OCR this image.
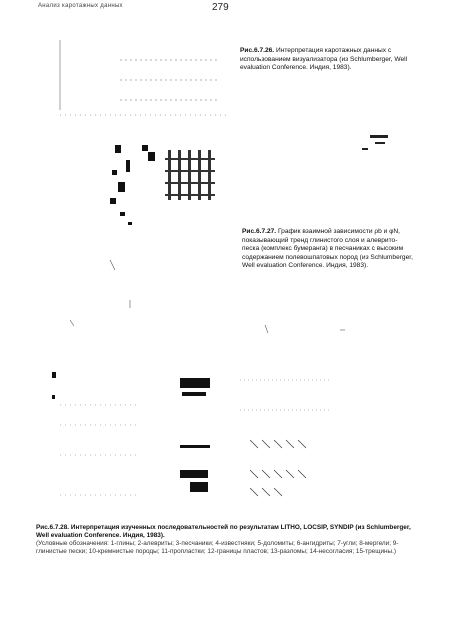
Анализ каротажных данных	279
Рис.6.7.26. Интерпретация каротажных данных с использованием визуализатора (из Schlumberger, Well evaluation Conference. Индия, 1983).
Рис.6.7.27. График взаимной зависимости ρb и φN, показывающий тренд глинистого слоя и алеврито-песка (комплекс бумеранга) в песчаниках с высоким содержанием полевошпатовых пород (из Schlumberger, Well evaluation Conference. Индия, 1983).
Рис.6.7.28. Интерпретация изученных последовательностей по результатам LITHO, LOCSIP, SYNDIP (из Schlumberger, Well evaluation Conference. Индия, 1983).
(Условные обозначения: 1-глины; 2-алевриты; 3-песчаники; 4-известняки; 5-доломиты; 6-ангидриты; 7-угли; 8-мергели; 9-глинистые пески; 10-кремнистые породы; 11-пропластки; 12-границы пластов; 13-разломы; 14-несогласия; 15-трещины.)
